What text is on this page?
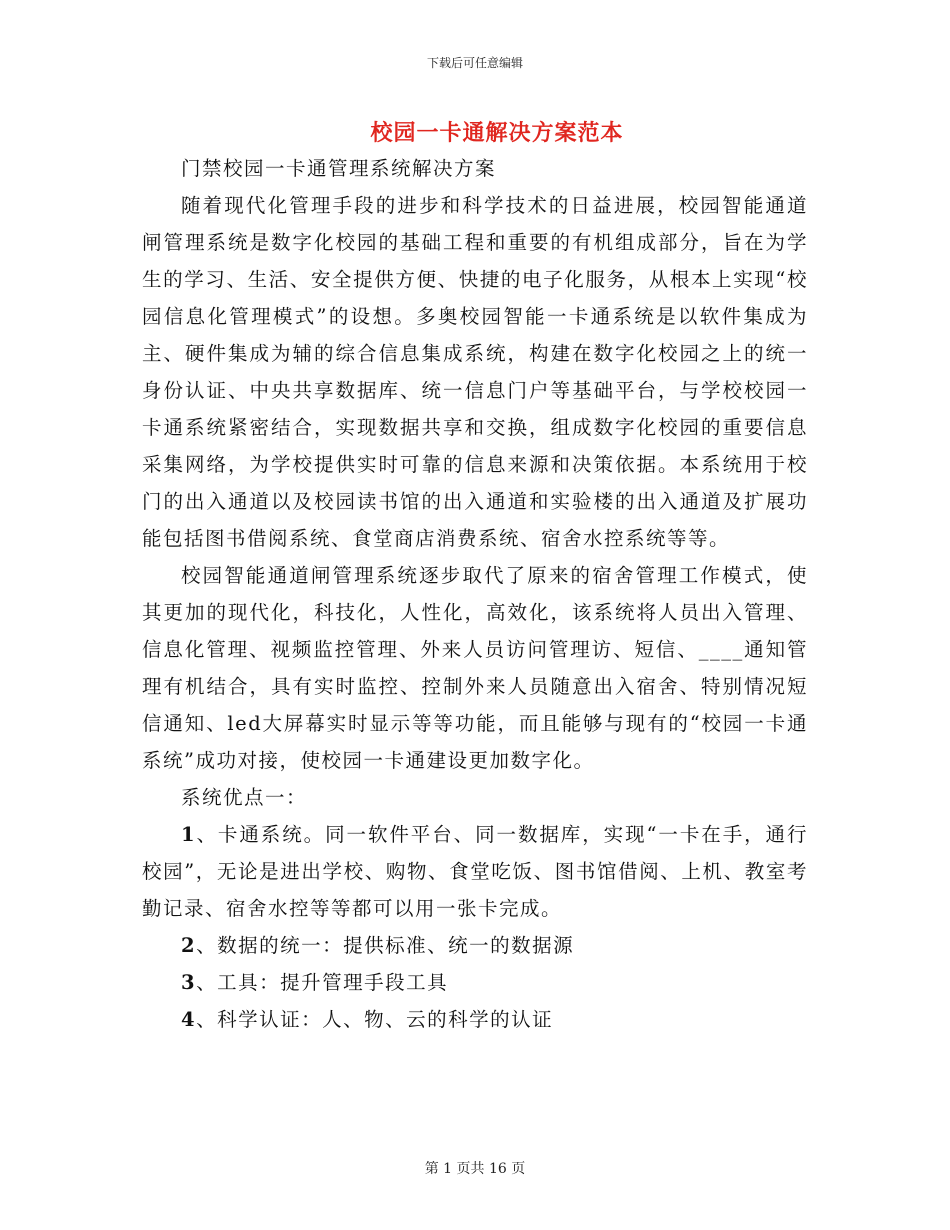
下载后可任意编辑
校园一卡通解决方案范本

门禁校园一卡通管理系统解决方案

随着现代化管理手段的进步和科学技术的日益进展，校园智能通道闸管理系统是数字化校园的基础工程和重要的有机组成部分，旨在为学生的学习、生活、安全提供方便、快捷的电子化服务，从根本上实现“校园信息化管理模式”的设想。多奥校园智能一卡通系统是以软件集成为主、硬件集成为辅的综合信息集成系统，构建在数字化校园之上的统一身份认证、中央共享数据库、统一信息门户等基础平台，与学校校园一卡通系统紧密结合，实现数据共享和交换，组成数字化校园的重要信息采集网络，为学校提供实时可靠的信息来源和决策依据。本系统用于校门的出入通道以及校园读书馆的出入通道和实验楼的出入通道及扩展功能包括图书借阅系统、食堂商店消费系统、宿舍水控系统等等。

校园智能通道闸管理系统逐步取代了原来的宿舍管理工作模式，使其更加的现代化，科技化，人性化，高效化，该系统将人员出入管理、信息化管理、视频监控管理、外来人员访问管理访、短信、____通知管理有机结合，具有实时监控、控制外来人员随意出入宿舍、特别情况短信通知、led大屏幕实时显示等等功能，而且能够与现有的“校园一卡通系统”成功对接，使校园一卡通建设更加数字化。

系统优点一：

1、卡通系统。同一软件平台、同一数据库，实现“一卡在手，通行校园”，无论是进出学校、购物、食堂吃饭、图书馆借阅、上机、教室考勤记录、宿舍水控等等都可以用一张卡完成。

2、数据的统一：提供标准、统一的数据源

3、工具：提升管理手段工具

4、科学认证：人、物、云的科学的认证

第 1 页共 16 页
